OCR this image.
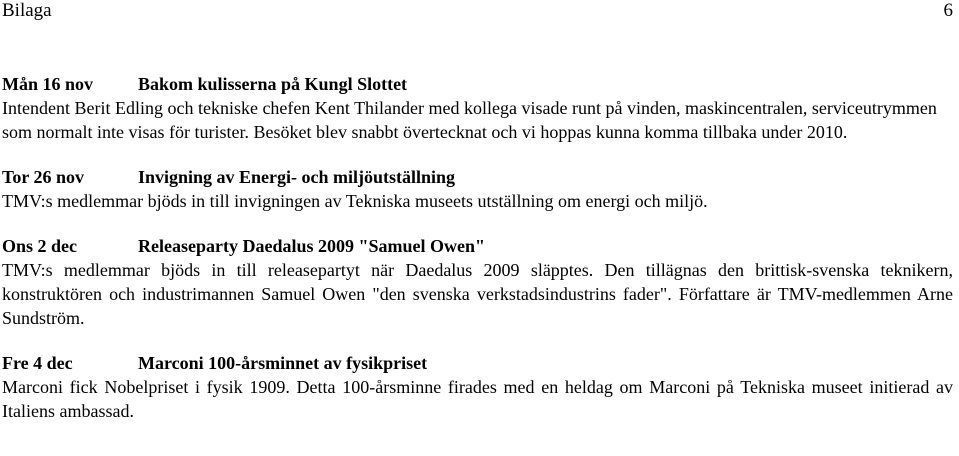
Bilaga	6
Mån 16 nov Bakom kulisserna på Kungl Slottet
Intendent Berit Edling och tekniske chefen Kent Thilander med kollega visade runt på vinden, maskincentralen, serviceutrymmen som normalt inte visas för turister. Besöket blev snabbt övertecknat och vi hoppas kunna komma tillbaka under 2010.
Tor 26 nov	Invigning av Energi- och miljöutställning
TMV:s medlemmar bjöds in till invigningen av Tekniska museets utställning om energi och miljö.
Ons 2 dec	Releaseparty Daedalus 2009 "Samuel Owen"
TMV:s medlemmar bjöds in till releasepartyt när Daedalus 2009 släpptes. Den tillägnas den brittisk-svenska teknikern, konstruktören och industrimannen Samuel Owen "den svenska verkstadsindustrins fader". Författare är TMV-medlemmen Arne Sundström.
Fre 4 dec	Marconi 100-årsminnet av fysikpriset
Marconi fick Nobelpriset i fysik 1909. Detta 100-årsminne firades med en heldag om Marconi på Tekniska museet initierad av Italiens ambassad.
